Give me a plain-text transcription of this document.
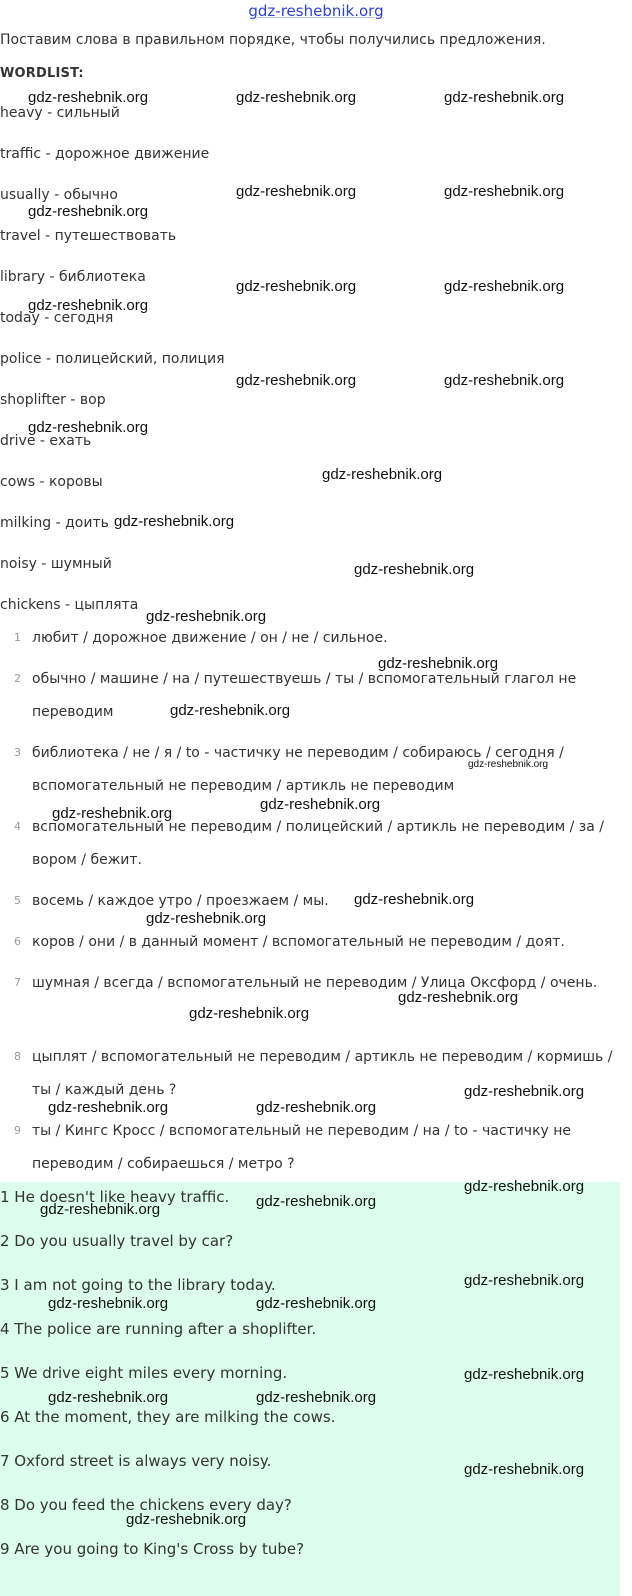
gdz-reshebnik.org
Поставим слова в правильном порядке, чтобы получились предложения.
WORDLIST:
heavy - сильный
traffic - дорожное движение
usually - обычно
travel - путешествовать
library - библиотека
today - сегодня
police - полицейский, полиция
shoplifter - вор
drive - ехать
cows - коровы
milking - доить
noisy - шумный
chickens - цыплята
1 любит / дорожное движение / он / не / сильное.
2 обычно / машине / на / путешествуешь / ты / вспомогательный глагол не переводим
3 библиотека / не / я / to - частичку не переводим / собираюсь / сегодня / вспомогательный не переводим / артикль не переводим
4 вспомогательный не переводим / полицейский / артикль не переводим / за / вором / бежит.
5 восемь / каждое утро / проезжаем / мы.
6 коров / они / в данный момент / вспомогательный не переводим / доят.
7 шумная / всегда / вспомогательный не переводим / Улица Оксфорд / очень.
8 цыплят / вспомогательный не переводим / артикль не переводим / кормишь / ты / каждый день ?
9 ты / Кингс Кросс / вспомогательный не переводим / на / to - частичку не переводим / собираешься / метро ?
1 He doesn't like heavy traffic.
2 Do you usually travel by car?
3 I am not going to the library today.
4 The police are running after a shoplifter.
5 We drive eight miles every morning.
6 At the moment, they are milking the cows.
7 Oxford street is always very noisy.
8 Do you feed the chickens every day?
9 Are you going to King's Cross by tube?
gdz-reshebnik.org	gdz-reshebnik.org	gdz-reshebnik.org
gdz-reshebnik.org	gdz-reshebnik.org
gdz-reshebnik.org
gdz-reshebnik.org	gdz-reshebnik.org
gdz-reshebnik.org
gdz-reshebnik.org	gdz-reshebnik.org
gdz-reshebnik.org
gdz-reshebnik.org
gdz-reshebnik.org
gdz-reshebnik.org
gdz-reshebnik.org
gdz-reshebnik.org
gdz-reshebnik.org
gdz-reshebnik.org
gdz-reshebnik.org
gdz-reshebnik.org
gdz-reshebnik.org
gdz-reshebnik.org
gdz-reshebnik.org
gdz-reshebnik.org
gdz-reshebnik.org
gdz-reshebnik.org	gdz-reshebnik.org
gdz-reshebnik.org
gdz-reshebnik.org
gdz-reshebnik.org
gdz-reshebnik.org
gdz-reshebnik.org	gdz-reshebnik.org
gdz-reshebnik.org
gdz-reshebnik.org	gdz-reshebnik.org
gdz-reshebnik.org
gdz-reshebnik.org
